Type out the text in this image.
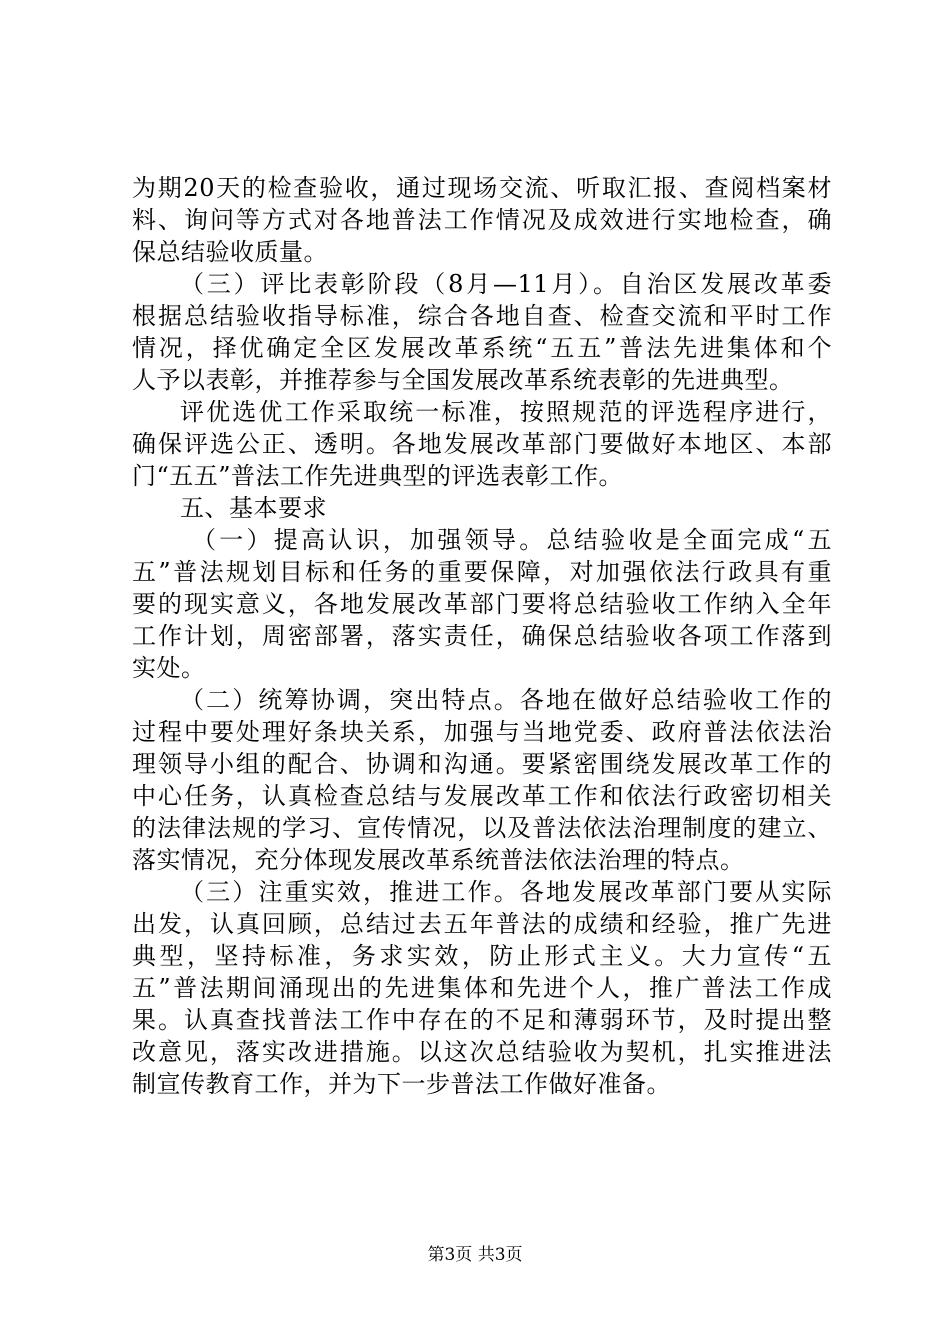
为期20天的检查验收，通过现场交流、听取汇报、查阅档案材
料、询问等方式对各地普法工作情况及成效进行实地检查，确
保总结验收质量。
（三）评比表彰阶段（8月—11月）。自治区发展改革委
根据总结验收指导标准，综合各地自查、检查交流和平时工作
情况，择优确定全区发展改革系统“五五”普法先进集体和个
人予以表彰，并推荐参与全国发展改革系统表彰的先进典型。
评优选优工作采取统一标准，按照规范的评选程序进行，
确保评选公正、透明。各地发展改革部门要做好本地区、本部
门“五五”普法工作先进典型的评选表彰工作。
五、基本要求
（一）提高认识，加强领导。总结验收是全面完成“五
五”普法规划目标和任务的重要保障，对加强依法行政具有重
要的现实意义，各地发展改革部门要将总结验收工作纳入全年
工作计划，周密部署，落实责任，确保总结验收各项工作落到
实处。
（二）统筹协调，突出特点。各地在做好总结验收工作的
过程中要处理好条块关系，加强与当地党委、政府普法依法治
理领导小组的配合、协调和沟通。要紧密围绕发展改革工作的
中心任务，认真检查总结与发展改革工作和依法行政密切相关
的法律法规的学习、宣传情况，以及普法依法治理制度的建立、
落实情况，充分体现发展改革系统普法依法治理的特点。
（三）注重实效，推进工作。各地发展改革部门要从实际
出发，认真回顾，总结过去五年普法的成绩和经验，推广先进
典型，坚持标准，务求实效，防止形式主义。大力宣传“五
五”普法期间涌现出的先进集体和先进个人，推广普法工作成
果。认真查找普法工作中存在的不足和薄弱环节，及时提出整
改意见，落实改进措施。以这次总结验收为契机，扎实推进法
制宣传教育工作，并为下一步普法工作做好准备。
第3页 共3页
